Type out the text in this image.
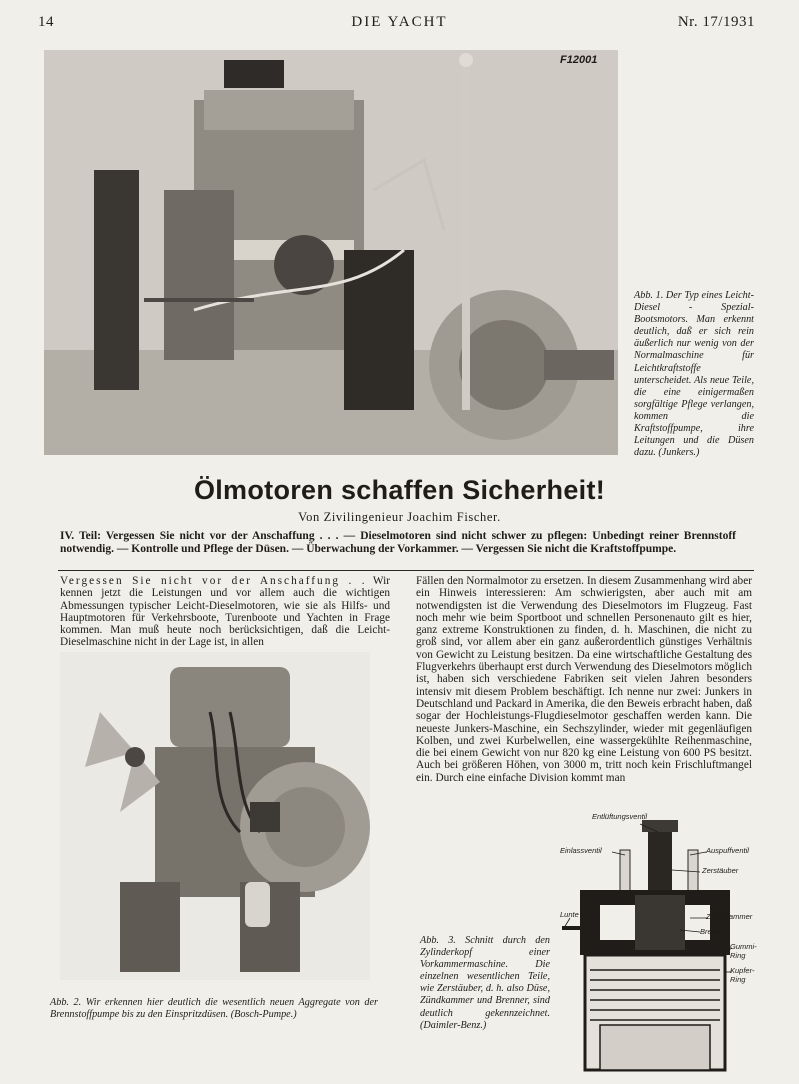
14	DIE YACHT	Nr. 17/1931
F12001

Abb. 1. Der Typ eines Leicht-Diesel - Spezial-Bootsmotors. Man erkennt deutlich, daß er sich rein äußerlich nur wenig von der Normalmaschine für Leichtkraftstoffe unterscheidet. Als neue Teile, die eine einigermaßen sorgfältige Pflege verlangen, kommen die Kraftstoffpumpe, ihre Leitungen und die Düsen dazu. (Junkers.)

Ölmotoren schaffen Sicherheit!
Von Zivilingenieur Joachim Fischer.
IV. Teil: Vergessen Sie nicht vor der Anschaffung . . . — Dieselmotoren sind nicht schwer zu pflegen: Unbedingt reiner Brennstoff notwendig. — Kontrolle und Pflege der Düsen. — Überwachung der Vorkammer. — Vergessen Sie nicht die Kraftstoffpumpe.
Vergessen Sie nicht vor der Anschaffung . . Wir kennen jetzt die Leistungen und vor allem auch die wichtigen Abmessungen typischer Leicht-Dieselmotoren, wie sie als Hilfs- und Hauptmotoren für Verkehrsboote, Turenboote und Yachten in Frage kommen. Man muß heute noch berücksichtigen, daß die Leicht-Dieselmaschine nicht in der Lage ist, in allen

Abb. 2. Wir erkennen hier deutlich die wesentlich neuen Aggregate von der Brennstoffpumpe bis zu den Einspritzdüsen. (Bosch-Pumpe.)

Fällen den Normalmotor zu ersetzen. In diesem Zusammenhang wird aber ein Hinweis interessieren: Am schwierigsten, aber auch mit am notwendigsten ist die Verwendung des Dieselmotors im Flugzeug. Fast noch mehr wie beim Sportboot und schnellen Personenauto gilt es hier, ganz extreme Konstruktionen zu finden, d. h. Maschinen, die nicht zu groß sind, vor allem aber ein ganz außerordentlich günstiges Verhältnis von Gewicht zu Leistung besitzen. Da eine wirtschaftliche Gestaltung des Flugverkehrs überhaupt erst durch Verwendung des Dieselmotors möglich ist, haben sich verschiedene Fabriken seit vielen Jahren besonders intensiv mit diesem Problem beschäftigt. Ich nenne nur zwei: Junkers in Deutschland und Packard in Amerika, die den Beweis erbracht haben, daß sogar der Hochleistungs-Flugdieselmotor geschaffen werden kann. Die neueste Junkers-Maschine, ein Sechszylinder, wieder mit gegenläufigen Kolben, und zwei Kurbelwellen, eine wassergekühlte Reihenmaschine, die bei einem Gewicht von nur 820 kg eine Leistung von 600 PS besitzt. Auch bei größeren Höhen, von 3000 m, tritt noch kein Frischluftmangel ein. Durch eine einfache Division kommt man
Entlüftungsventil
Einlassventil	Auspuffventil
Zerstäuber
Lunte	Zünd kammer
Brenner
Gummi-Ring
Kupfer-Ring

Abb. 3. Schnitt durch den Zylinderkopf einer Vorkammermaschine. Die einzelnen wesentlichen Teile, wie Zerstäuber, d. h. also Düse, Zündkammer und Brenner, sind deutlich gekennzeichnet. (Daimler-Benz.)
